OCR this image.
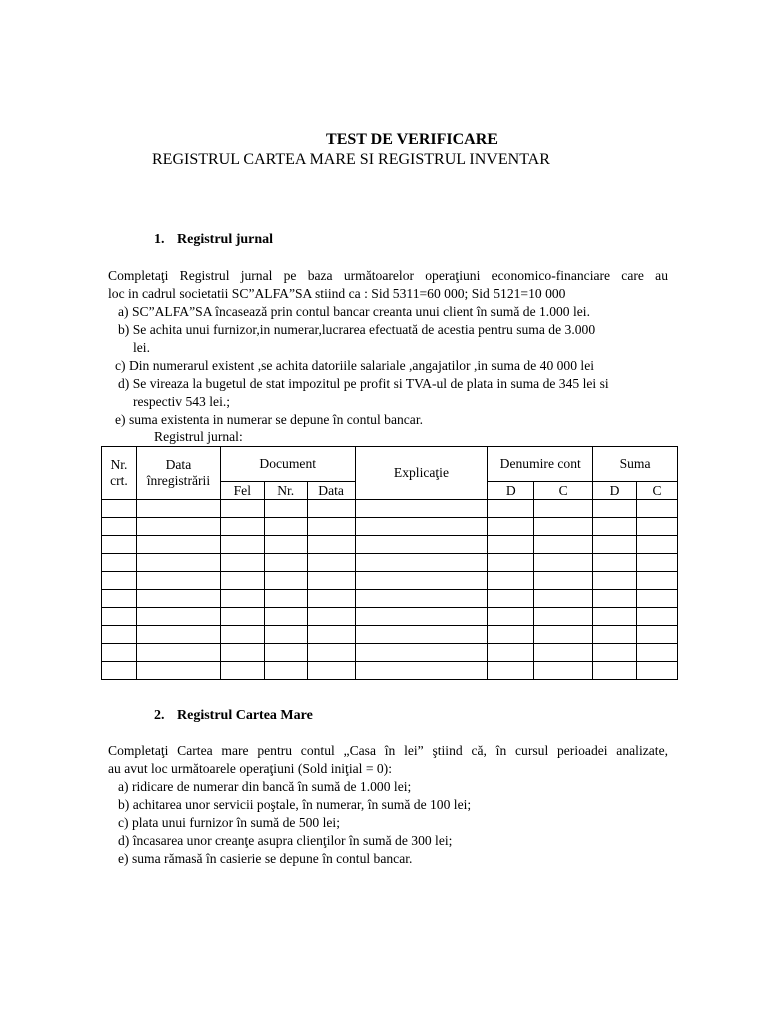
TEST DE VERIFICARE
REGISTRUL CARTEA MARE SI REGISTRUL INVENTAR
1. Registrul jurnal
Completaţi Registrul jurnal pe baza următoarelor operaţiuni economico-financiare care au
loc in cadrul societatii SC”ALFA”SA stiind ca : Sid 5311=60 000; Sid 5121=10 000
a) SC”ALFA”SA încasează prin contul bancar creanta unui client în sumă de 1.000 lei.
b) Se achita unui furnizor,in numerar,lucrarea efectuată de acestia pentru suma de 3.000
lei.
c) Din numerarul existent ,se achita datoriile salariale ,angajatilor ,in suma de 40 000 lei
d) Se vireaza la bugetul de stat impozitul pe profit si TVA-ul de plata in suma de 345 lei si
respectiv 543 lei.;
e) suma existenta in numerar se depune în contul bancar.
Registrul jurnal:
Nr. crt.	Data înregistrării	Document			Explicaţie	Denumire cont		Suma	
		Fel	Nr.	Data		D	C	D	C

2. Registrul Cartea Mare
Completaţi Cartea mare pentru contul „Casa în lei” ştiind că, în cursul perioadei analizate,
au avut loc următoarele operaţiuni (Sold iniţial = 0):
a) ridicare de numerar din bancă în sumă de 1.000 lei;
b) achitarea unor servicii poştale, în numerar, în sumă de 100 lei;
c) plata unui furnizor în sumă de 500 lei;
d) încasarea unor creanţe asupra clienţilor în sumă de 300 lei;
e) suma rămasă în casierie se depune în contul bancar.
